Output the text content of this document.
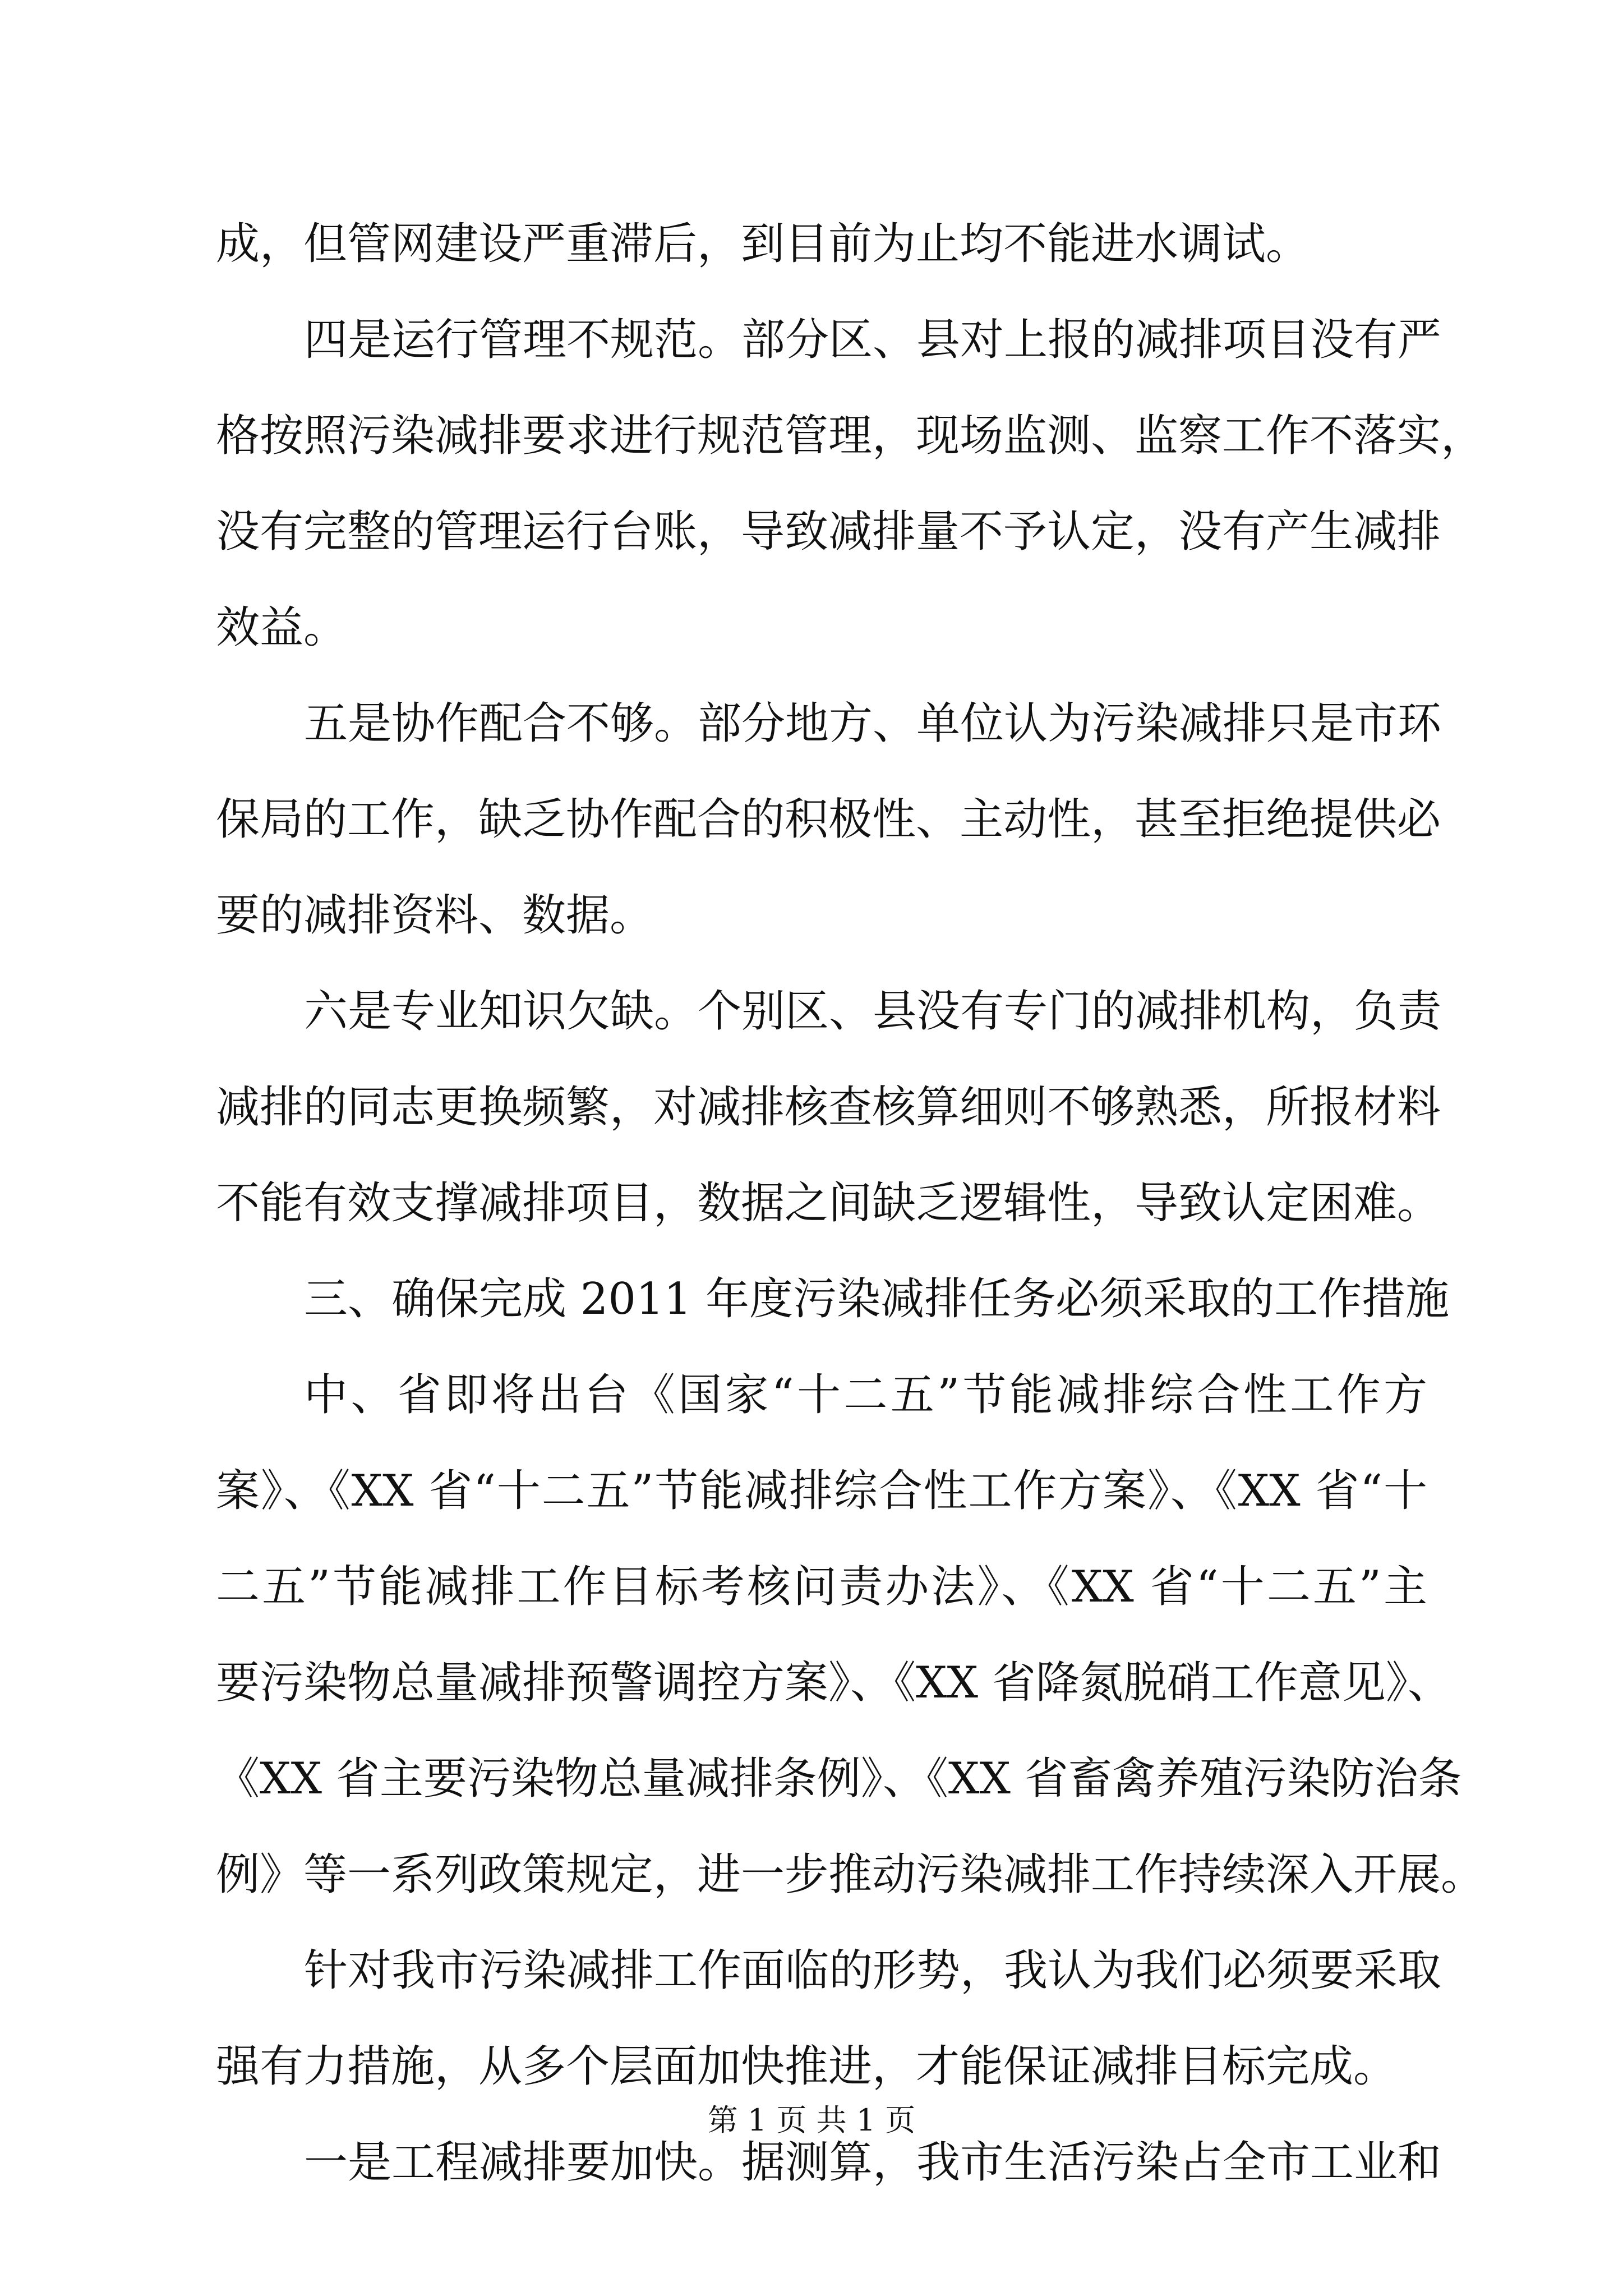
成，但管网建设严重滞后，到目前为止均不能进水调试。
四是运行管理不规范。部分区、县对上报的减排项目没有严
格按照污染减排要求进行规范管理，现场监测、监察工作不落实，
没有完整的管理运行台账，导致减排量不予认定，没有产生减排
效益。
五是协作配合不够。部分地方、单位认为污染减排只是市环
保局的工作，缺乏协作配合的积极性、主动性，甚至拒绝提供必
要的减排资料、数据。
六是专业知识欠缺。个别区、县没有专门的减排机构，负责
减排的同志更换频繁，对减排核查核算细则不够熟悉，所报材料
不能有效支撑减排项目，数据之间缺乏逻辑性，导致认定困难。
三、确保完成 2011 年度污染减排任务必须采取的工作措施
中、省即将出台《国家“十二五”节能减排综合性工作方
案》、《XX 省“十二五”节能减排综合性工作方案》、《XX 省“十
二五”节能减排工作目标考核问责办法》、《XX 省“十二五”主
要污染物总量减排预警调控方案》、《XX 省降氮脱硝工作意见》、
《XX 省主要污染物总量减排条例》、《XX 省畜禽养殖污染防治条
例》等一系列政策规定，进一步推动污染减排工作持续深入开展。
针对我市污染减排工作面临的形势，我认为我们必须要采取
强有力措施，从多个层面加快推进，才能保证减排目标完成。
一是工程减排要加快。据测算，我市生活污染占全市工业和
第 1 页 共 1 页
